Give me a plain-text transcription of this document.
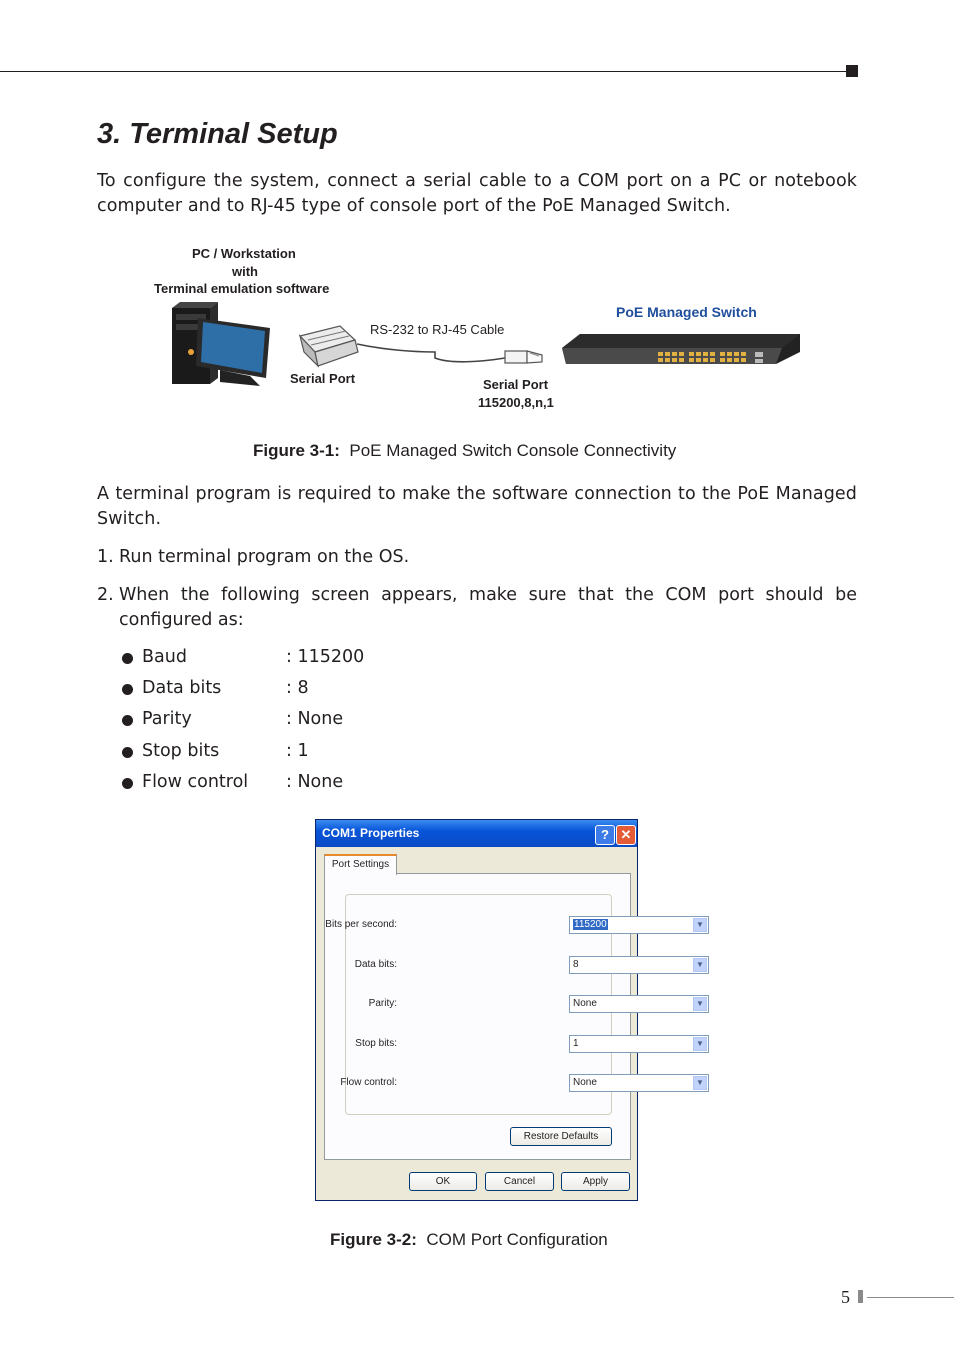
3. Terminal Setup

To configure the system, connect a serial cable to a COM port on a PC or notebook computer and to RJ-45 type of console port of the PoE Managed Switch.

PC / Workstation
with
Terminal emulation software
Serial Port
RS-232 to RJ-45 Cable
Serial Port
115200,8,n,1
PoE Managed Switch
Figure 3-1: PoE Managed Switch Console Connectivity

A terminal program is required to make the software connection to the PoE Managed Switch.

1. Run terminal program on the OS.
2. When the following screen appears, make sure that the COM port should be configured as:
Baud	: 115200
Data bits	: 8
Parity	: None
Stop bits	: 1
Flow control : None
COM1 Properties	? ✕
Port Settings
Bits per second:	115200	▼
Data bits:	8	▼
Parity:	None	▼
Stop bits:	1	▼
Flow control:	None	▼
Restore Defaults
OK	Cancel	Apply
Figure 3-2: COM Port Configuration
5
